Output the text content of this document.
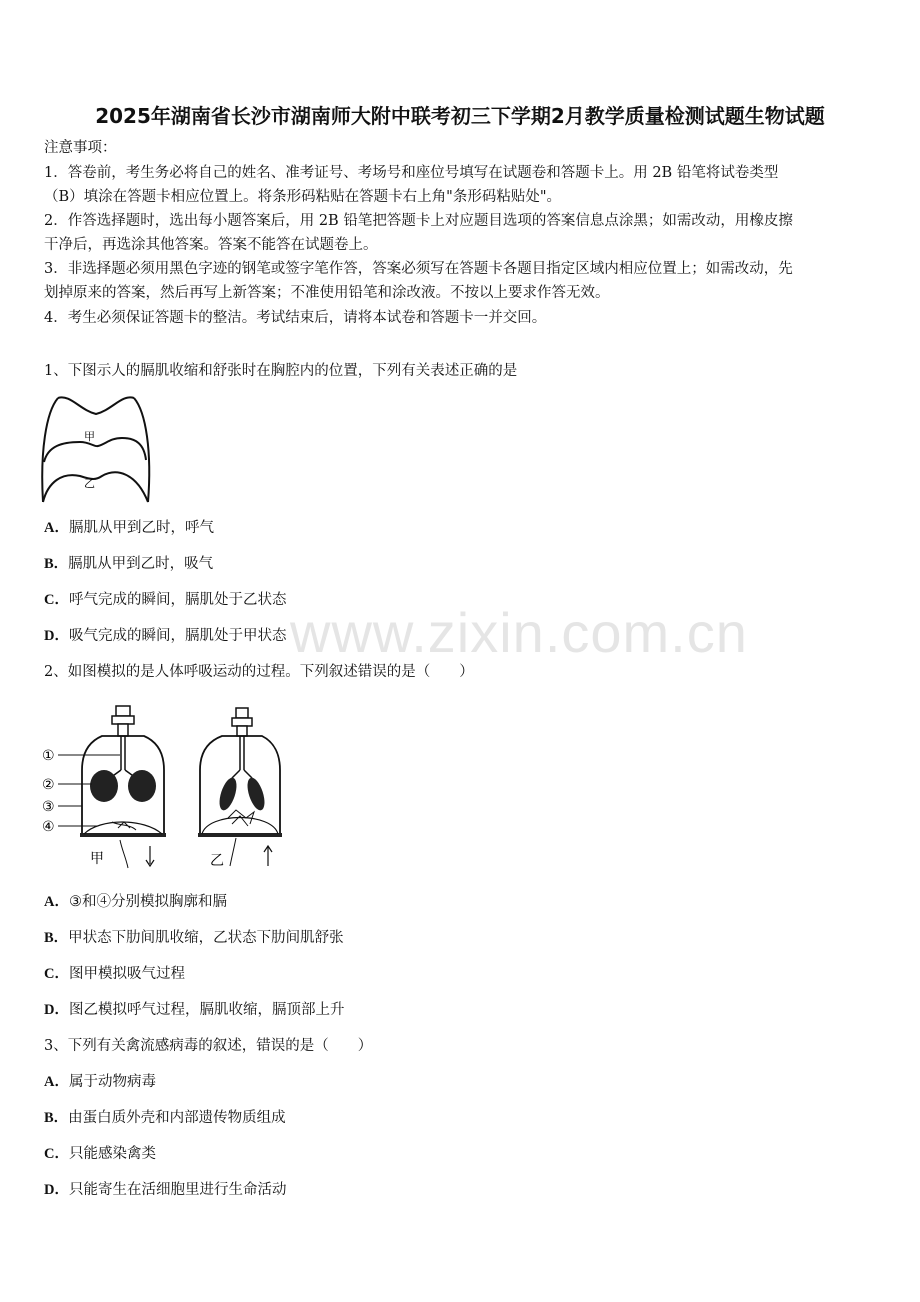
www.zixin.com.cn
2025年湖南省长沙市湖南师大附中联考初三下学期2月教学质量检测试题生物试题
注意事项：
1．答卷前，考生务必将自己的姓名、准考证号、考场号和座位号填写在试题卷和答题卡上。用 2B 铅笔将试卷类型
（B）填涂在答题卡相应位置上。将条形码粘贴在答题卡右上角"条形码粘贴处"。
2．作答选择题时，选出每小题答案后，用 2B 铅笔把答题卡上对应题目选项的答案信息点涂黑；如需改动，用橡皮擦
干净后，再选涂其他答案。答案不能答在试题卷上。
3．非选择题必须用黑色字迹的钢笔或签字笔作答，答案必须写在答题卡各题目指定区域内相应位置上；如需改动，先
划掉原来的答案，然后再写上新答案；不准使用铅笔和涂改液。不按以上要求作答无效。
4．考生必须保证答题卡的整洁。考试结束后，请将本试卷和答题卡一并交回。
1、下图示人的膈肌收缩和舒张时在胸腔内的位置，下列有关表述正确的是
甲
乙
A．膈肌从甲到乙时，呼气
B．膈肌从甲到乙时，吸气
C．呼气完成的瞬间，膈肌处于乙状态
D．吸气完成的瞬间，膈肌处于甲状态
2、如图模拟的是人体呼吸运动的过程。下列叙述错误的是（　　）
①
②
③
④
甲	乙
A．③和④分别模拟胸廓和膈
B．甲状态下肋间肌收缩，乙状态下肋间肌舒张
C．图甲模拟吸气过程
D．图乙模拟呼气过程，膈肌收缩，膈顶部上升
3、下列有关禽流感病毒的叙述，错误的是（　　）
A．属于动物病毒
B．由蛋白质外壳和内部遗传物质组成
C．只能感染禽类
D．只能寄生在活细胞里进行生命活动
